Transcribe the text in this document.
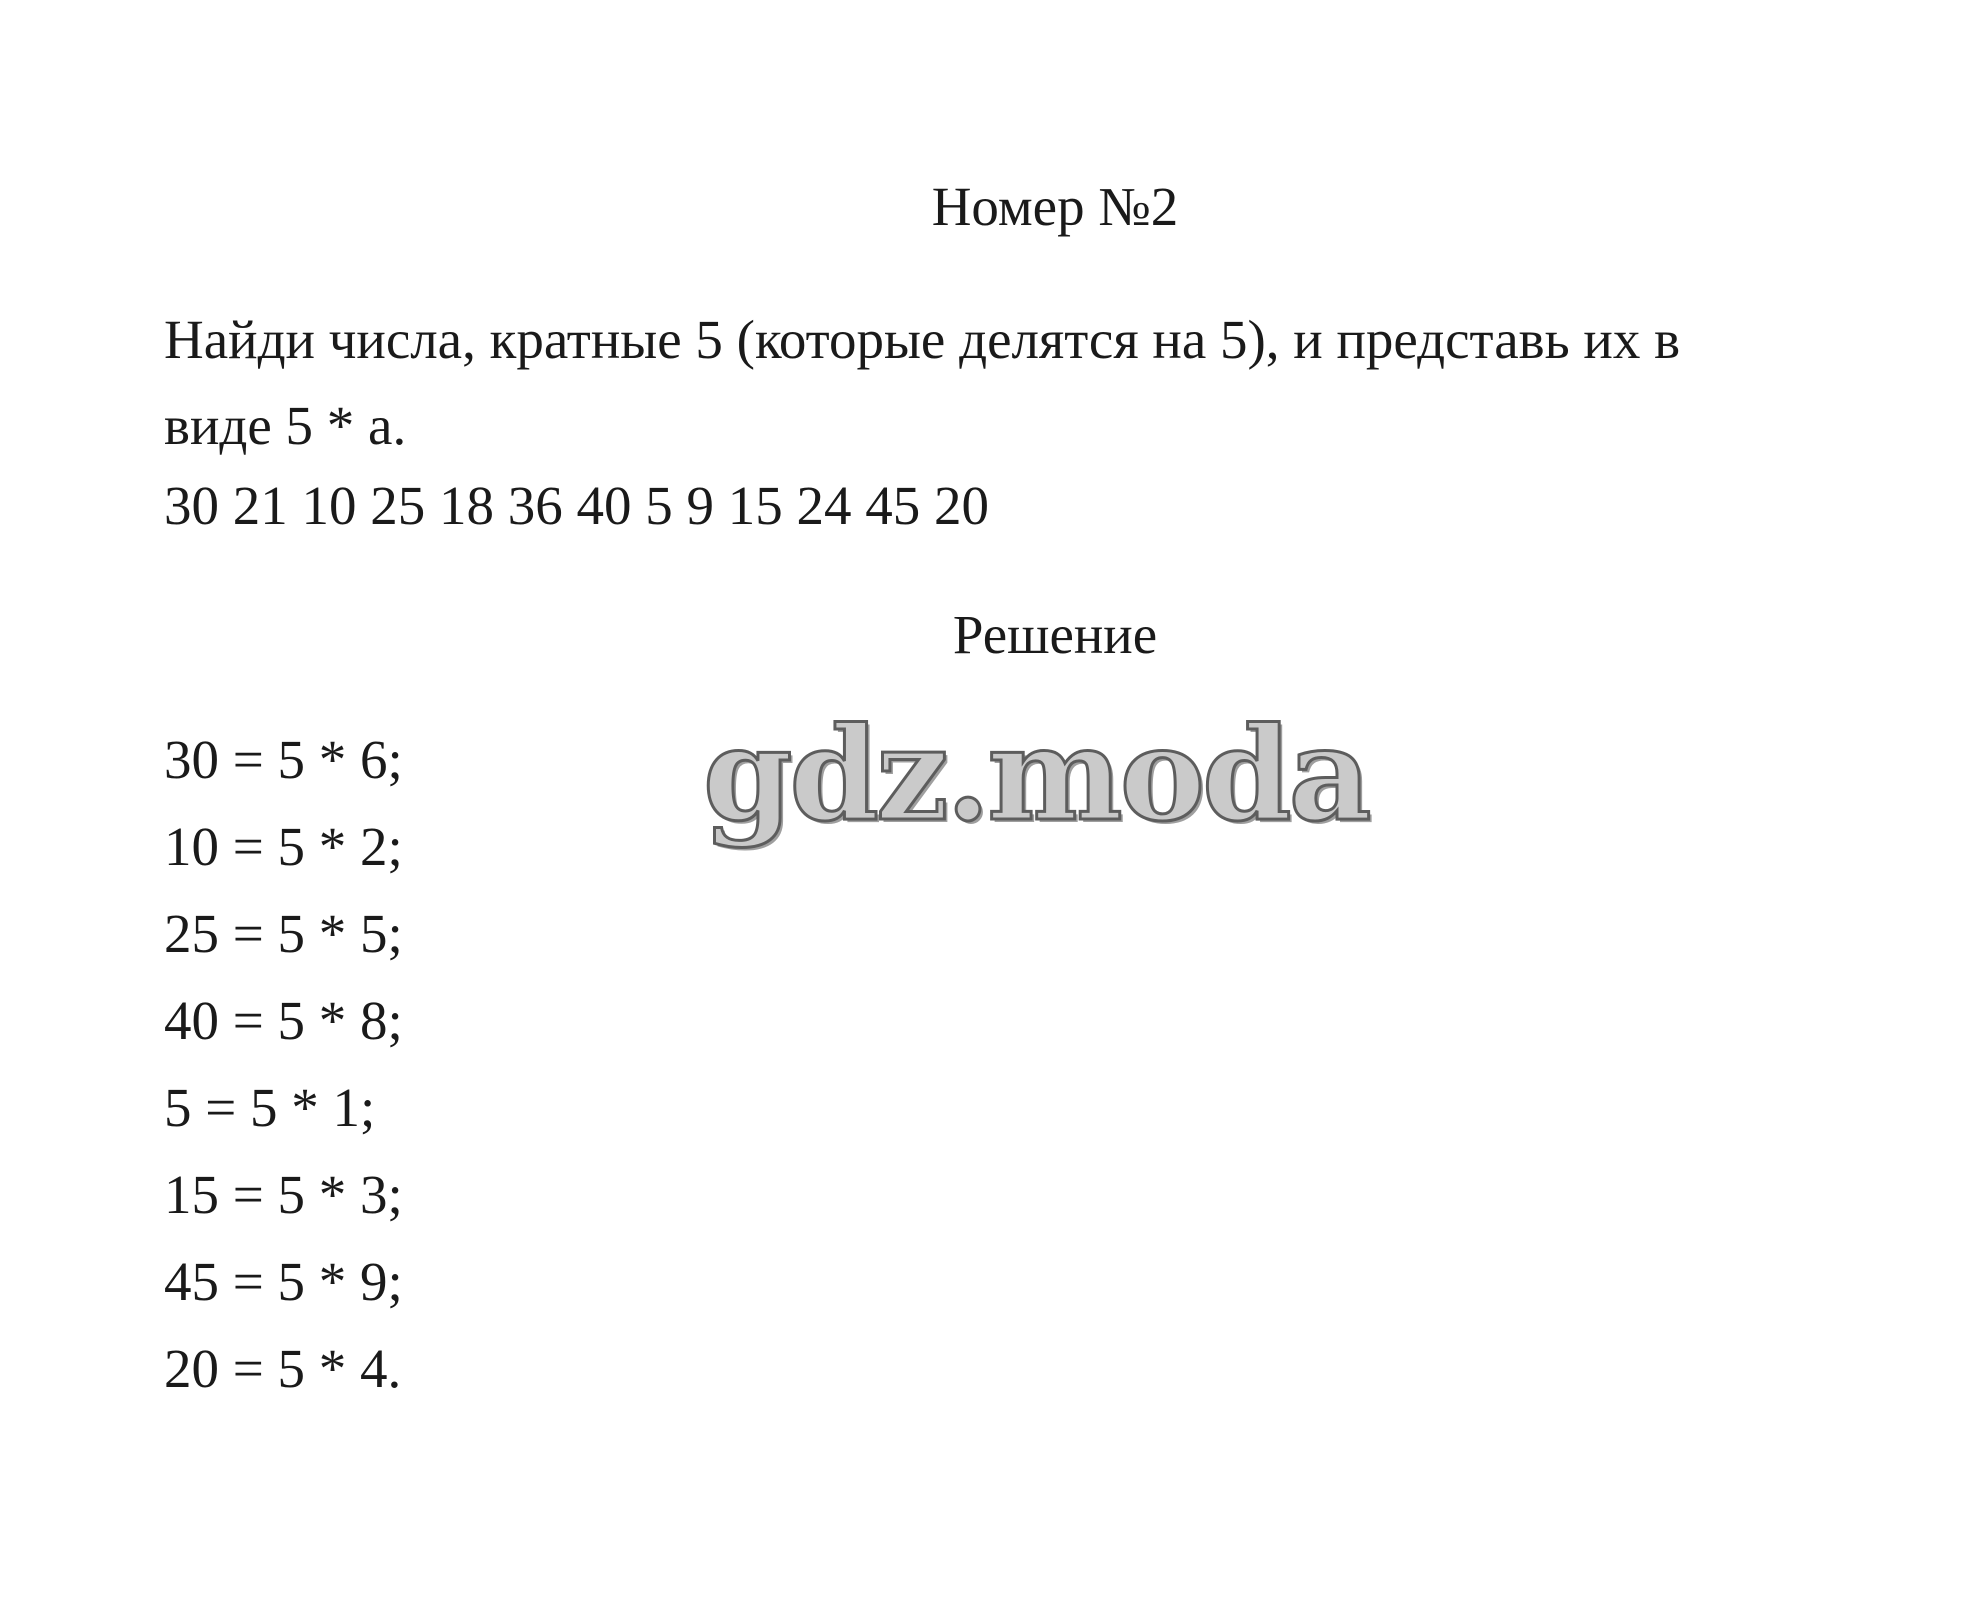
Номер №2

Найди числа, кратные 5 (которые делятся на 5), и представь их в

виде 5 * а.

30 21 10 25 18 36 40 5 9 15 24 45 20
Решение
30 = 5 * 6;
10 = 5 * 2;
25 = 5 * 5;
40 = 5 * 8;
5 = 5 * 1;
15 = 5 * 3;
45 = 5 * 9;
20 = 5 * 4.
gdz.moda
